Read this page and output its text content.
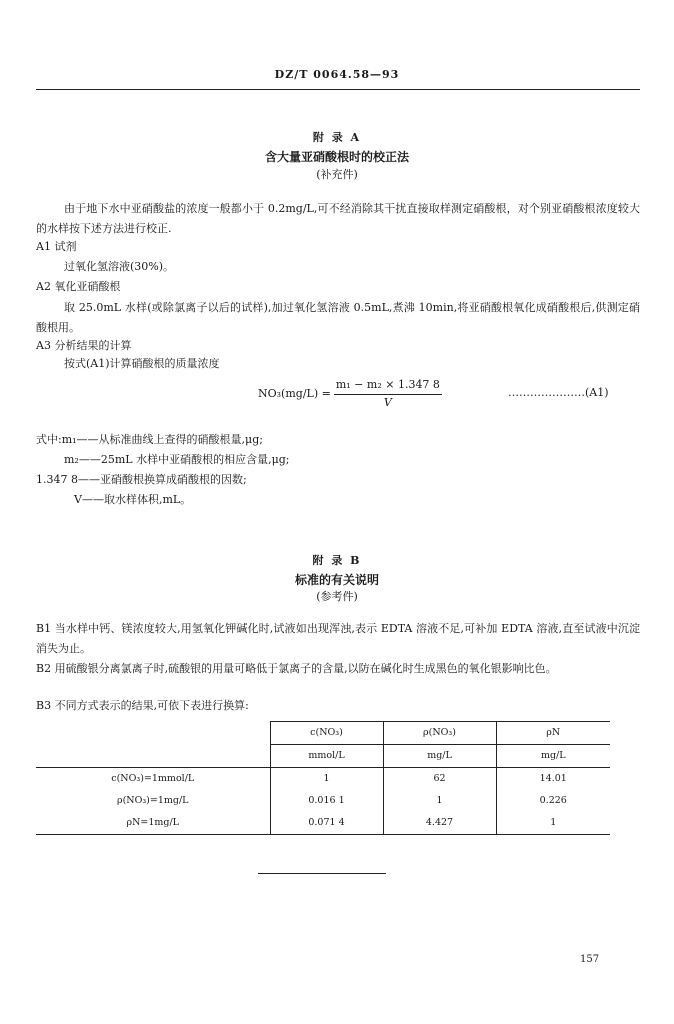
DZ/T 0064.58—93
附 录 A
含大量亚硝酸根时的校正法
(补充件)
由于地下水中亚硝酸盐的浓度一般都小于 0.2mg/L,可不经消除其干扰直接取样测定硝酸根，对个别亚硝酸根浓度较大的水样按下述方法进行校正.
A1 试剂
过氧化氢溶液(30%)。
A2 氧化亚硝酸根
取 25.0mL 水样(或除氯离子以后的试样),加过氧化氢溶液 0.5mL,煮沸 10min,将亚硝酸根氧化成硝酸根后,供测定硝酸根用。
A3 分析结果的计算
按式(A1)计算硝酸根的质量浓度
$NO_3(mg/L) = \frac{\text{m₁ − m₂ × 1.347 8}}{V}$	…………………(A1)
式中:m₁——从标准曲线上查得的硝酸根量,μg;
m₂——25mL 水样中亚硝酸根的相应含量,μg;
1.347 8——亚硝酸根换算成硝酸根的因数;
V——取水样体积,mL。
附 录 B
标准的有关说明
(参考件)
B1 当水样中钙、镁浓度较大,用氢氧化钾碱化时,试液如出现浑浊,表示 EDTA 溶液不足,可补加 EDTA 溶液,直至试液中沉淀消失为止。
B2 用硫酸银分离氯离子时,硫酸银的用量可略低于氯离子的含量,以防在碱化时生成黑色的氧化银影响比色。
B3 不同方式表示的结果,可依下表进行换算:
	c(NO₃)	ρ(NO₃)	ρN
	mmol/L	mg/L	mg/L
c(NO₃)=1mmol/L	1	62	14.01
ρ(NO₃)=1mg/L	0.016 1	1	0.226
ρN=1mg/L	0.071 4	4.427	1
157
